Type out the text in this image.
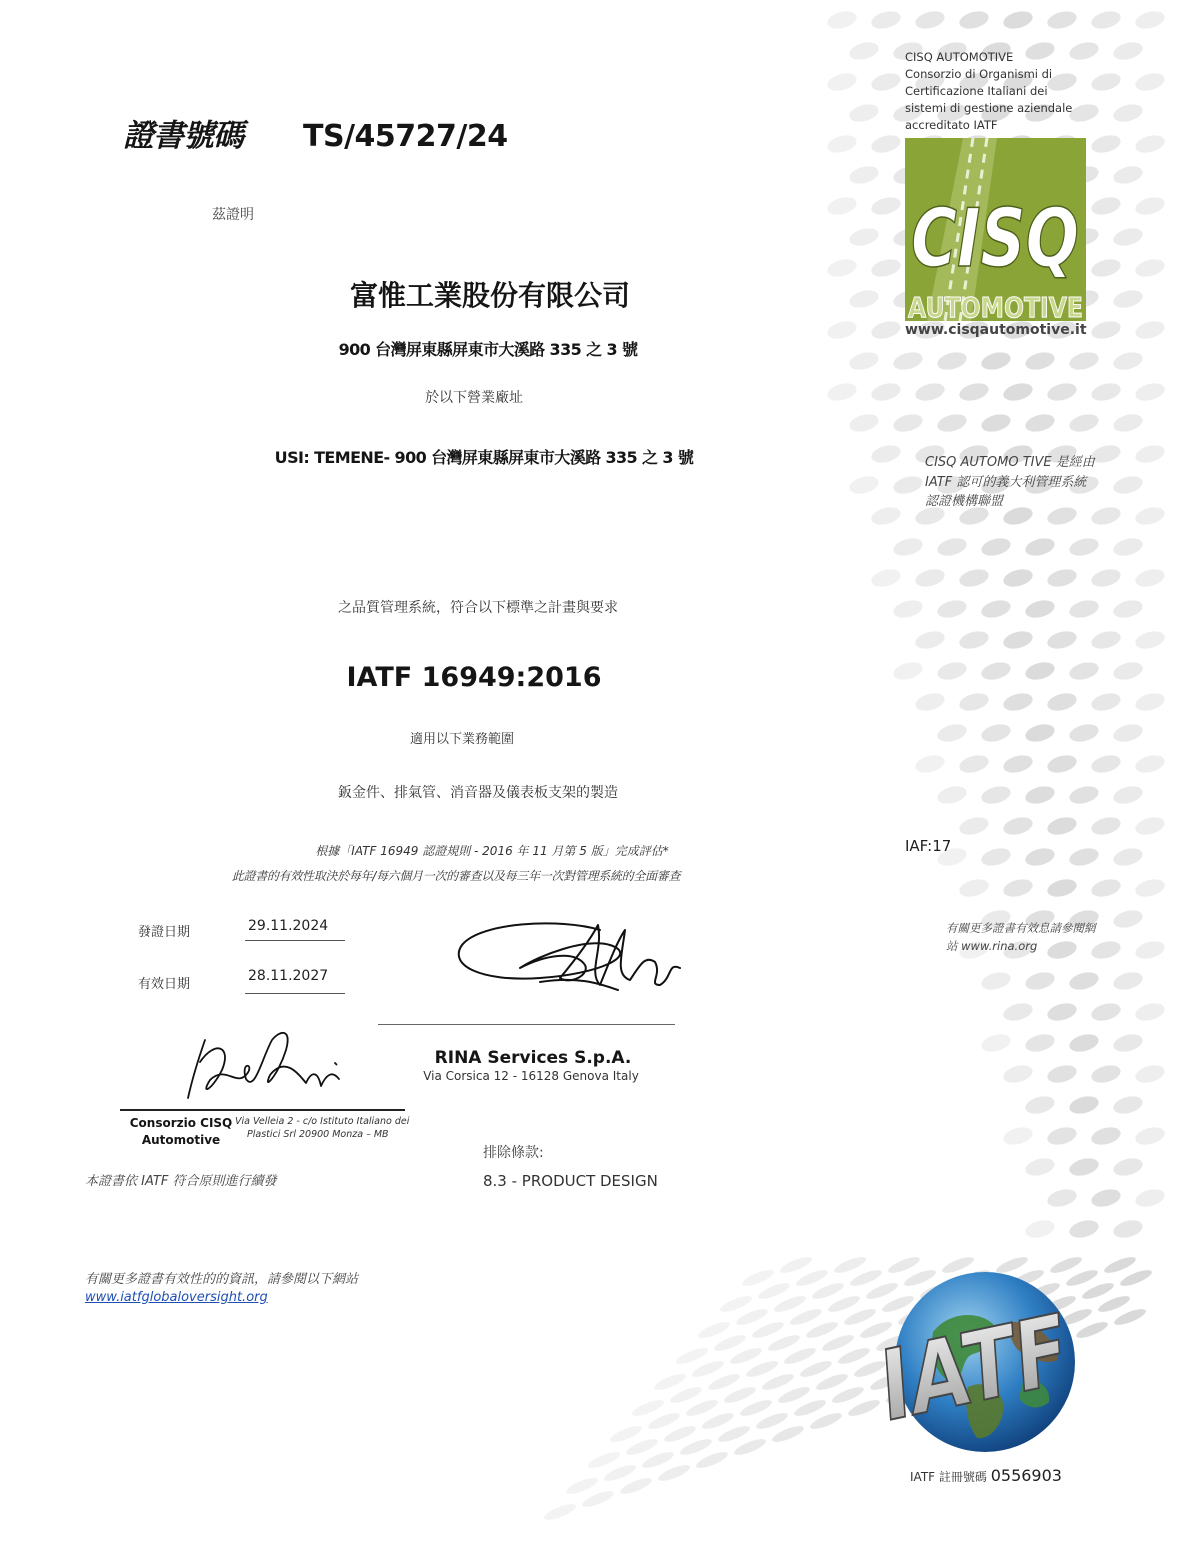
證書號碼 TS/45727/24
茲證明
富惟工業股份有限公司
900 台灣屏東縣屏東市大溪路 335 之 3 號
於以下營業廠址
USI: TEMENE- 900 台灣屏東縣屏東市大溪路 335 之 3 號
之品質管理系統，符合以下標準之計畫與要求
IATF 16949:2016
適用以下業務範圍
鈑金件、排氣管、消音器及儀表板支架的製造
根據「IATF 16949 認證規則 - 2016 年 11 月第 5 版」完成評估*
此證書的有效性取決於每年/每六個月一次的審查以及每三年一次對管理系統的全面審查
發證日期	29.11.2024
有效日期
28.11.2027
RINA Services S.p.A.
Via Corsica 12 - 16128 Genova Italy
Consorzio CISQ
Automotive
Via Velleia 2 - c/o Istituto Italiano dei
Plastici Srl 20900 Monza – MB
排除條款:
8.3 - PRODUCT DESIGN
本證書依 IATF 符合原則進行續發
有關更多證書有效性的的資訊，請參閱以下網站
www.iatfglobaloversight.org
CISQ AUTOMOTIVE
Consorzio di Organismi di
Certificazione Italiani dei
sistemi di gestione aziendale
accreditato IATF
CISQ
AUTOMOTIVE
www.cisqautomotive.it
CISQ AUTOMO TIVE 是經由
IATF 認可的義大利管理系統
認證機構聯盟
IAF:17
有關更多證書有效息請參閱網
站 www.rina.org
IATF
IATF 註冊號碼 0556903
